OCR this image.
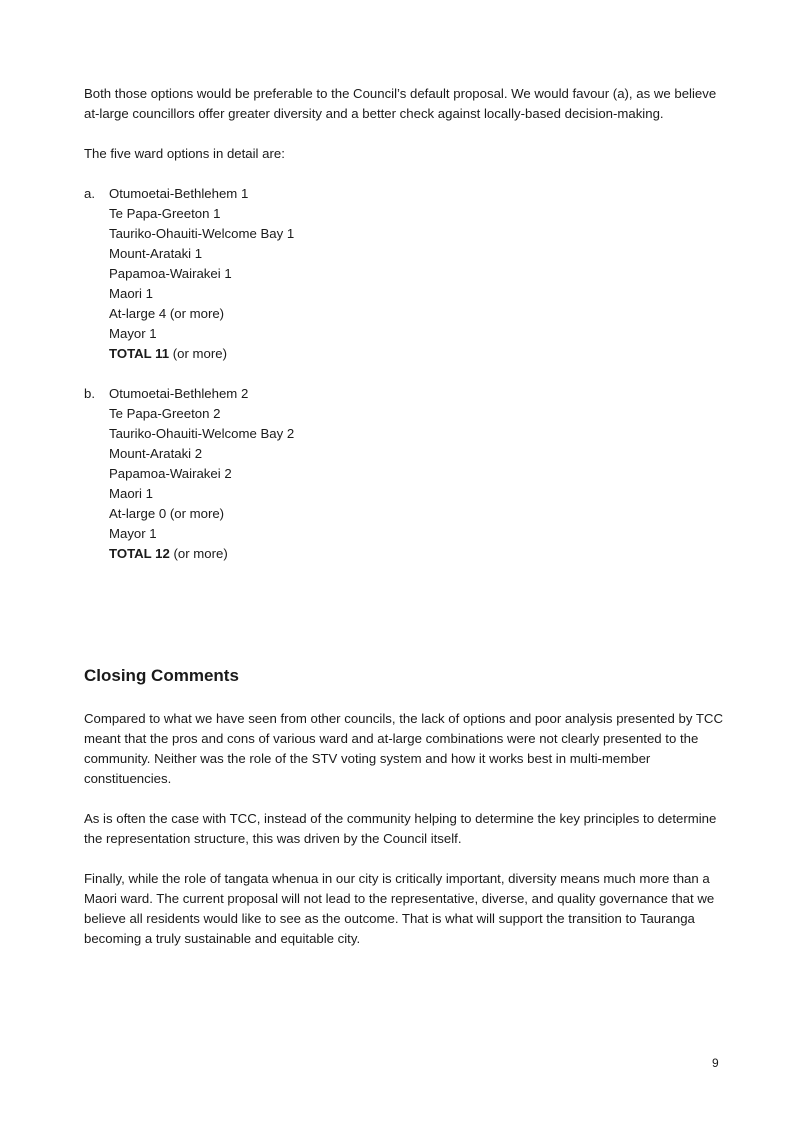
Both those options would be preferable to the Council’s default proposal. We would favour (a), as we believe at-large councillors offer greater diversity and a better check against locally-based decision-making.

The five ward options in detail are:

a.	Otumoetai-Bethlehem 1
Te Papa-Greeton 1
Tauriko-Ohauiti-Welcome Bay 1
Mount-Arataki 1
Papamoa-Wairakei 1
Maori 1
At-large 4 (or more)
Mayor 1
TOTAL 11 (or more)
b.	Otumoetai-Bethlehem 2
Te Papa-Greeton 2
Tauriko-Ohauiti-Welcome Bay 2
Mount-Arataki 2
Papamoa-Wairakei 2
Maori 1
At-large 0 (or more)
Mayor 1
TOTAL 12 (or more)
Closing Comments

Compared to what we have seen from other councils, the lack of options and poor analysis presented by TCC meant that the pros and cons of various ward and at-large combinations were not clearly presented to the community. Neither was the role of the STV voting system and how it works best in multi-member constituencies.

As is often the case with TCC, instead of the community helping to determine the key principles to determine the representation structure, this was driven by the Council itself.

Finally, while the role of tangata whenua in our city is critically important, diversity means much more than a Maori ward. The current proposal will not lead to the representative, diverse, and quality governance that we believe all residents would like to see as the outcome. That is what will support the transition to Tauranga becoming a truly sustainable and equitable city.

9
